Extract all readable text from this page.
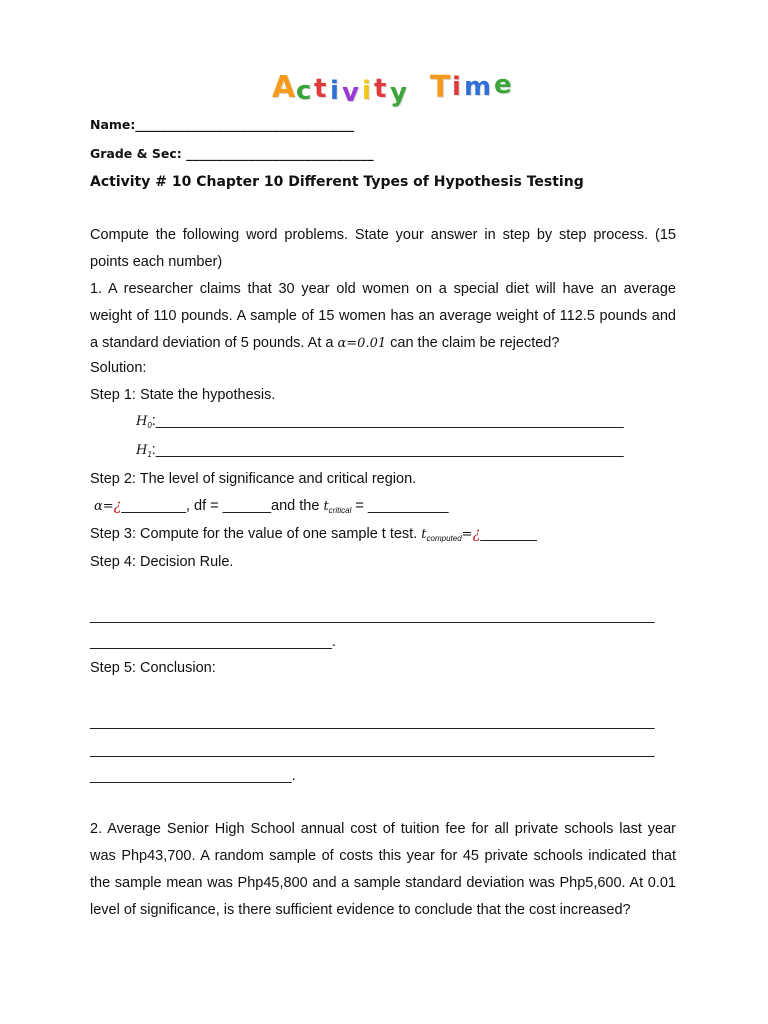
A c t i v i t y T i m e
Name:___________________________________
Grade & Sec: ______________________________
Activity # 10 Chapter 10 Different Types of Hypothesis Testing
Compute the following word problems. State your answer in step by step process. (15 points each number)
1. A researcher claims that 30 year old women on a special diet will have an average weight of 110 pounds. A sample of 15 women has an average weight of 112.5 pounds and a standard deviation of 5 pounds. At a α=0.01 can the claim be rejected?
Solution:
Step 1: State the hypothesis.
$H_0:\_\_\_\_\_\_\_\_\_\_\_\_\_\_\_\_\_\_\_\_\_\_\_\_\_\_\_\_\_\_\_\_\_\_\_\_\_\_\_\_\_\_\_\_\_\_\_\_\_\_\_\_\_\_\_\_\_\_$
$H_1:\_\_\_\_\_\_\_\_\_\_\_\_\_\_\_\_\_\_\_\_\_\_\_\_\_\_\_\_\_\_\_\_\_\_\_\_\_\_\_\_\_\_\_\_\_\_\_\_\_\_\_\_\_\_\_\_\_\_$
Step 2: The level of significance and critical region.
α=¿________, df = ______and the $t_{critical}$ = __________
Step 3: Compute for the value of one sample t test. $t_{computed}=¿\_\_\_\_\_\_\_$
Step 4: Decision Rule.
______________________________________________________________________
______________________________.
Step 5: Conclusion:
______________________________________________________________________
______________________________________________________________________
_________________________.
2. Average Senior High School annual cost of tuition fee for all private schools last year was Php43,700. A random sample of costs this year for 45 private schools indicated that the sample mean was Php45,800 and a sample standard deviation was Php5,600. At 0.01 level of significance, is there sufficient evidence to conclude that the cost increased?
